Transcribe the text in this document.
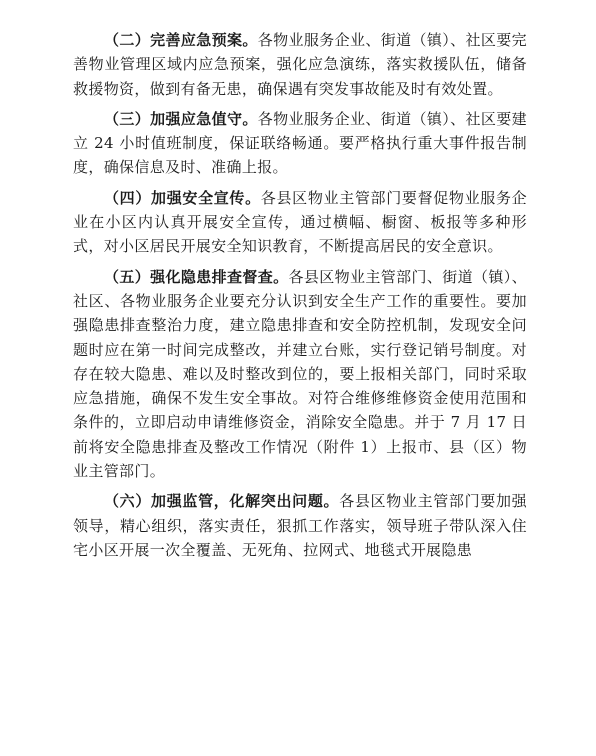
（二）完善应急预案。各物业服务企业、街道（镇）、社区要完善物业管理区域内应急预案，强化应急演练，落实救援队伍，储备救援物资，做到有备无患，确保遇有突发事故能及时有效处置。

（三）加强应急值守。各物业服务企业、街道（镇）、社区要建立 24 小时值班制度，保证联络畅通。要严格执行重大事件报告制度，确保信息及时、准确上报。

（四）加强安全宣传。各县区物业主管部门要督促物业服务企业在小区内认真开展安全宣传，通过横幅、橱窗、板报等多种形式，对小区居民开展安全知识教育，不断提高居民的安全意识。

（五）强化隐患排查督查。各县区物业主管部门、街道（镇）、社区、各物业服务企业要充分认识到安全生产工作的重要性。要加强隐患排查整治力度，建立隐患排查和安全防控机制，发现安全问题时应在第一时间完成整改，并建立台账，实行登记销号制度。对存在较大隐患、难以及时整改到位的，要上报相关部门，同时采取应急措施，确保不发生安全事故。对符合维修维修资金使用范围和条件的，立即启动申请维修资金，消除安全隐患。并于 7 月 17 日前将安全隐患排查及整改工作情况（附件 1）上报市、县（区）物业主管部门。

（六）加强监管，化解突出问题。各县区物业主管部门要加强领导，精心组织，落实责任，狠抓工作落实，领导班子带队深入住宅小区开展一次全覆盖、无死角、拉网式、地毯式开展隐患
